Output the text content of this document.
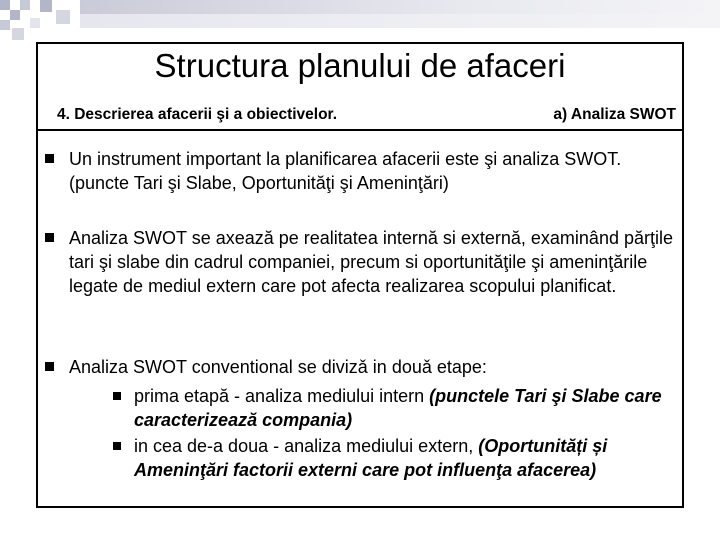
Structura planului de afaceri
4. Descrierea afacerii şi a obiectivelor.	a) Analiza SWOT
Un instrument important la planificarea afacerii este şi analiza SWOT.(puncte Tari şi Slabe, Oportunităţi şi Ameninţări)
Analiza SWOT se axează pe realitatea internă si externă, examinând părţile tari şi slabe din cadrul companiei, precum si oportunităţile şi ameninţările legate de mediul extern care pot afecta realizarea scopului planificat.
Analiza SWOT conventional se divizǎ in douǎ etape:
prima etapă - analiza mediului intern (punctele Tari şi Slabe care caracterizează compania)
in cea de-a doua - analiza mediului extern, (Oportunități și Ameninţări factorii externi care pot influenţa afacerea)
